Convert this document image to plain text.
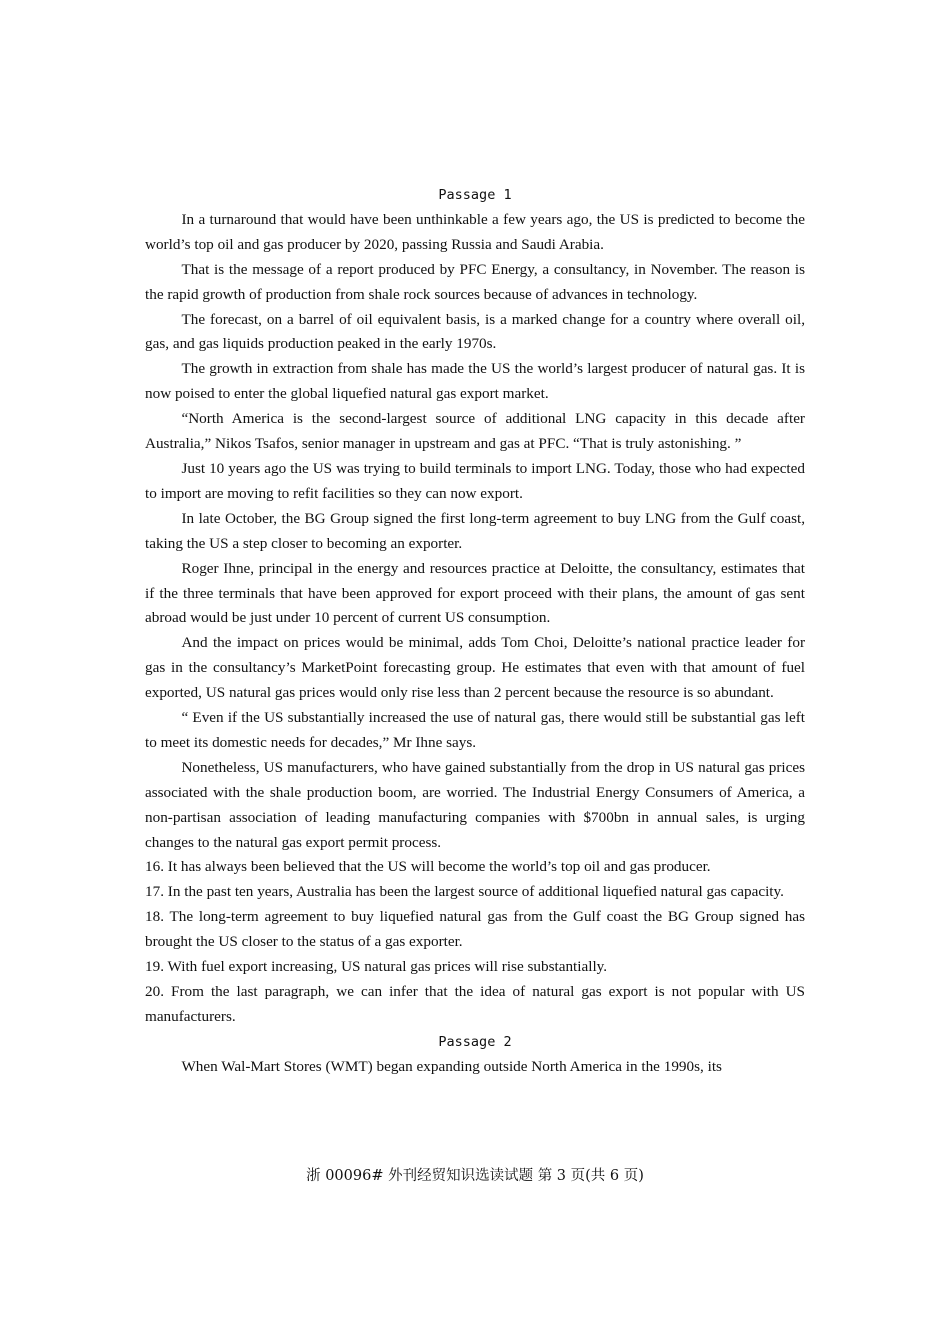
Passage 1

In a turnaround that would have been unthinkable a few years ago, the US is predicted to become the world’s top oil and gas producer by 2020, passing Russia and Saudi Arabia.

That is the message of a report produced by PFC Energy, a consultancy, in November. The reason is the rapid growth of production from shale rock sources because of advances in technology.

The forecast, on a barrel of oil equivalent basis, is a marked change for a country where overall oil, gas, and gas liquids production peaked in the early 1970s.

The growth in extraction from shale has made the US the world’s largest producer of natural gas. It is now poised to enter the global liquefied natural gas export market.

“North America is the second-largest source of additional LNG capacity in this decade after Australia,” Nikos Tsafos, senior manager in upstream and gas at PFC. “That is truly astonishing. ”

Just 10 years ago the US was trying to build terminals to import LNG. Today, those who had expected to import are moving to refit facilities so they can now export.

In late October, the BG Group signed the first long-term agreement to buy LNG from the Gulf coast, taking the US a step closer to becoming an exporter.

Roger Ihne, principal in the energy and resources practice at Deloitte, the consultancy, estimates that if the three terminals that have been approved for export proceed with their plans, the amount of gas sent abroad would be just under 10 percent of current US consumption.

And the impact on prices would be minimal, adds Tom Choi, Deloitte’s national practice leader for gas in the consultancy’s MarketPoint forecasting group. He estimates that even with that amount of fuel exported, US natural gas prices would only rise less than 2 percent because the resource is so abundant.

“ Even if the US substantially increased the use of natural gas, there would still be substantial gas left to meet its domestic needs for decades,” Mr Ihne says.

Nonetheless, US manufacturers, who have gained substantially from the drop in US natural gas prices associated with the shale production boom, are worried. The Industrial Energy Consumers of America, a non-partisan association of leading manufacturing companies with $700bn in annual sales, is urging changes to the natural gas export permit process.

16. It has always been believed that the US will become the world’s top oil and gas producer.

17. In the past ten years, Australia has been the largest source of additional liquefied natural gas capacity.

18. The long-term agreement to buy liquefied natural gas from the Gulf coast the BG Group signed has brought the US closer to the status of a gas exporter.

19. With fuel export increasing, US natural gas prices will rise substantially.

20. From the last paragraph, we can infer that the idea of natural gas export is not popular with US manufacturers.

Passage 2

When Wal-Mart Stores (WMT) began expanding outside North America in the 1990s, its

浙 00096# 外刊经贸知识选读试题 第 3 页(共 6 页)
